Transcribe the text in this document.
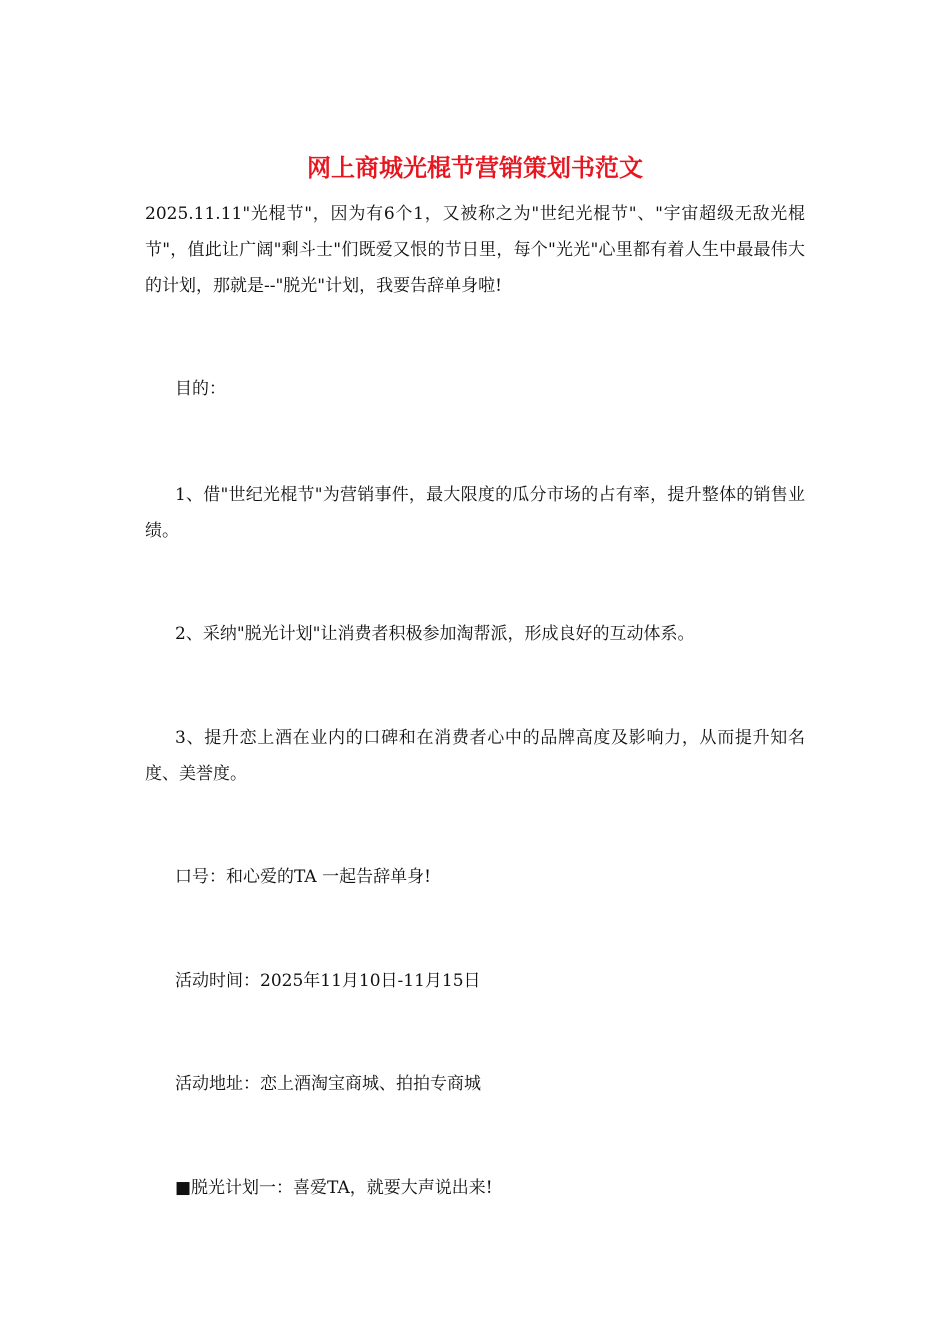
网上商城光棍节营销策划书范文
2025.11.11"光棍节"，因为有6个1，又被称之为"世纪光棍节"、"宇宙超级无敌光棍节"，值此让广阔"剩斗士"们既爱又恨的节日里，每个"光光"心里都有着人生中最最伟大的计划，那就是--"脱光"计划，我要告辞单身啦!
目的：
1、借"世纪光棍节"为营销事件，最大限度的瓜分市场的占有率，提升整体的销售业绩。
2、采纳"脱光计划"让消费者积极参加淘帮派，形成良好的互动体系。
3、提升恋上酒在业内的口碑和在消费者心中的品牌高度及影响力，从而提升知名度、美誉度。
口号：和心爱的TA 一起告辞单身!
活动时间：2025年11月10日-11月15日
活动地址：恋上酒淘宝商城、拍拍专商城
■脱光计划一：喜爱TA，就要大声说出来!
